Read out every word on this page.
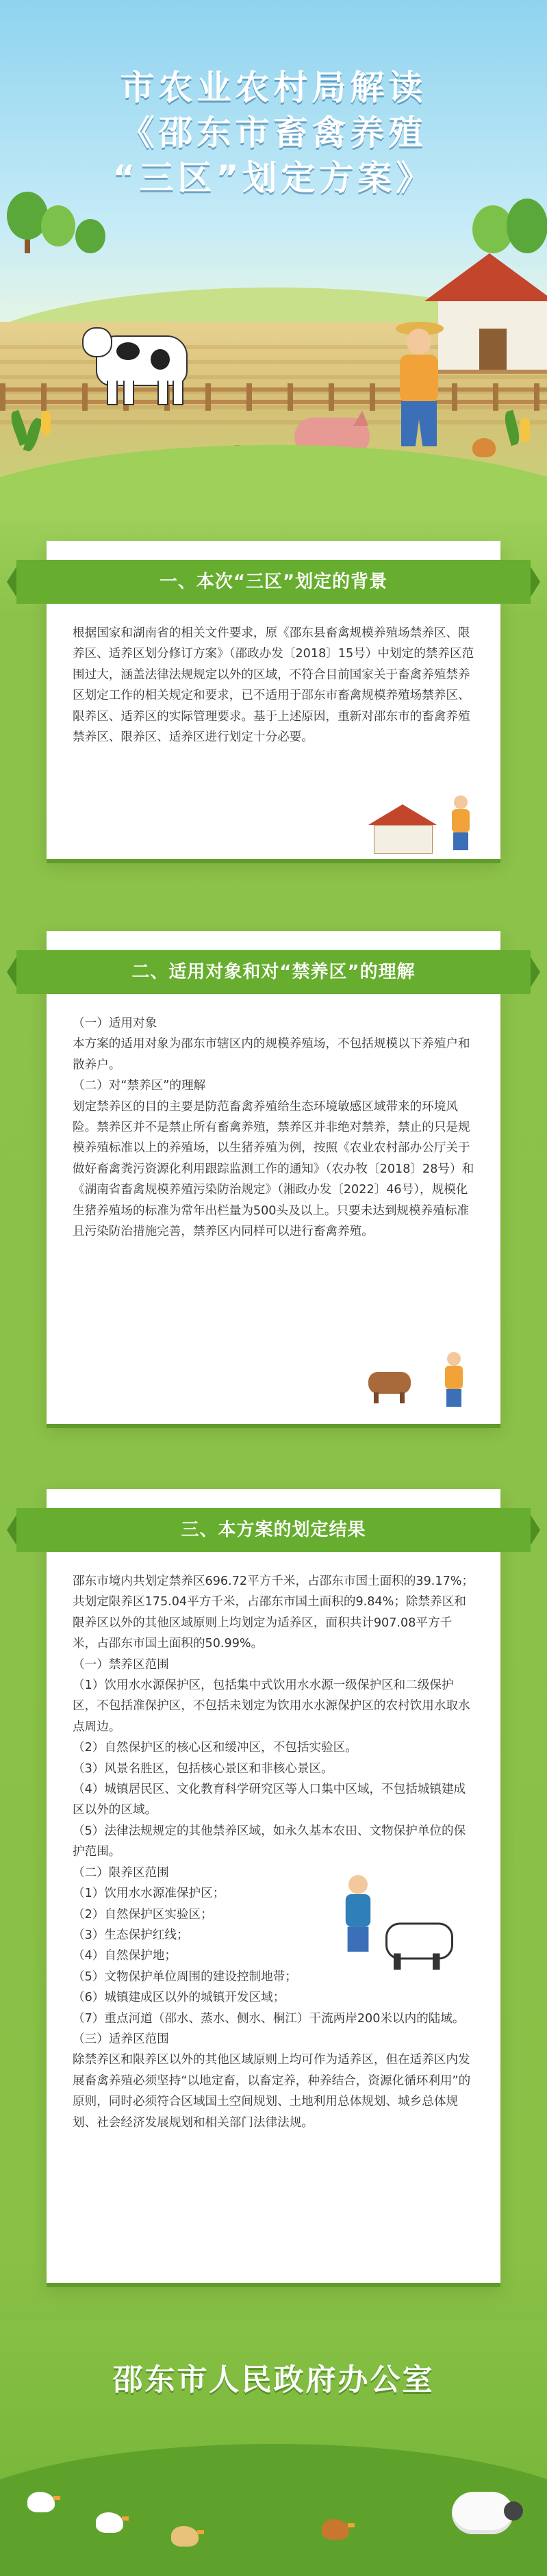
市农业农村局解读
《邵东市畜禽养殖
“三区”划定方案》
一、本次“三区”划定的背景

根据国家和湖南省的相关文件要求，原《邵东县畜禽规模养殖场禁养区、限养区、适养区划分修订方案》（邵政办发〔2018〕15号）中划定的禁养区范围过大，涵盖法律法规规定以外的区域，不符合目前国家关于畜禽养殖禁养区划定工作的相关规定和要求，已不适用于邵东市畜禽规模养殖场禁养区、限养区、适养区的实际管理要求。基于上述原因，重新对邵东市的畜禽养殖禁养区、限养区、适养区进行划定十分必要。

二、适用对象和对“禁养区”的理解

（一）适用对象

本方案的适用对象为邵东市辖区内的规模养殖场，不包括规模以下养殖户和散养户。

（二）对“禁养区”的理解

划定禁养区的目的主要是防范畜禽养殖给生态环境敏感区域带来的环境风险。禁养区并不是禁止所有畜禽养殖，禁养区并非绝对禁养，禁止的只是规模养殖标准以上的养殖场，以生猪养殖为例，按照《农业农村部办公厅关于做好畜禽粪污资源化利用跟踪监测工作的通知》（农办牧〔2018〕28号）和《湖南省畜禽规模养殖污染防治规定》（湘政办发〔2022〕46号），规模化生猪养殖场的标准为常年出栏量为500头及以上。只要未达到规模养殖标准且污染防治措施完善，禁养区内同样可以进行畜禽养殖。

三、本方案的划定结果

邵东市境内共划定禁养区696.72平方千米，占邵东市国土面积的39.17%；共划定限养区175.04平方千米，占邵东市国土面积的9.84%；除禁养区和限养区以外的其他区域原则上均划定为适养区，面积共计907.08平方千米，占邵东市国土面积的50.99%。

（一）禁养区范围

（1）饮用水水源保护区，包括集中式饮用水水源一级保护区和二级保护区，不包括准保护区，不包括未划定为饮用水水源保护区的农村饮用水取水点周边。

（2）自然保护区的核心区和缓冲区，不包括实验区。

（3）风景名胜区，包括核心景区和非核心景区。

（4）城镇居民区、文化教育科学研究区等人口集中区域，不包括城镇建成区以外的区域。

（5）法律法规规定的其他禁养区域，如永久基本农田、文物保护单位的保护范围。

（二）限养区范围

（1）饮用水水源准保护区；

（2）自然保护区实验区；

（3）生态保护红线；

（4）自然保护地；

（5）文物保护单位周围的建设控制地带；

（6）城镇建成区以外的城镇开发区域；

（7）重点河道（邵水、蒸水、侧水、桐江）干流两岸200米以内的陆域。

（三）适养区范围

除禁养区和限养区以外的其他区域原则上均可作为适养区，但在适养区内发展畜禽养殖必须坚持“以地定畜，以畜定养，种养结合，资源化循环利用”的原则，同时必须符合区域国土空间规划、土地利用总体规划、城乡总体规划、社会经济发展规划和相关部门法律法规。

邵东市人民政府办公室
